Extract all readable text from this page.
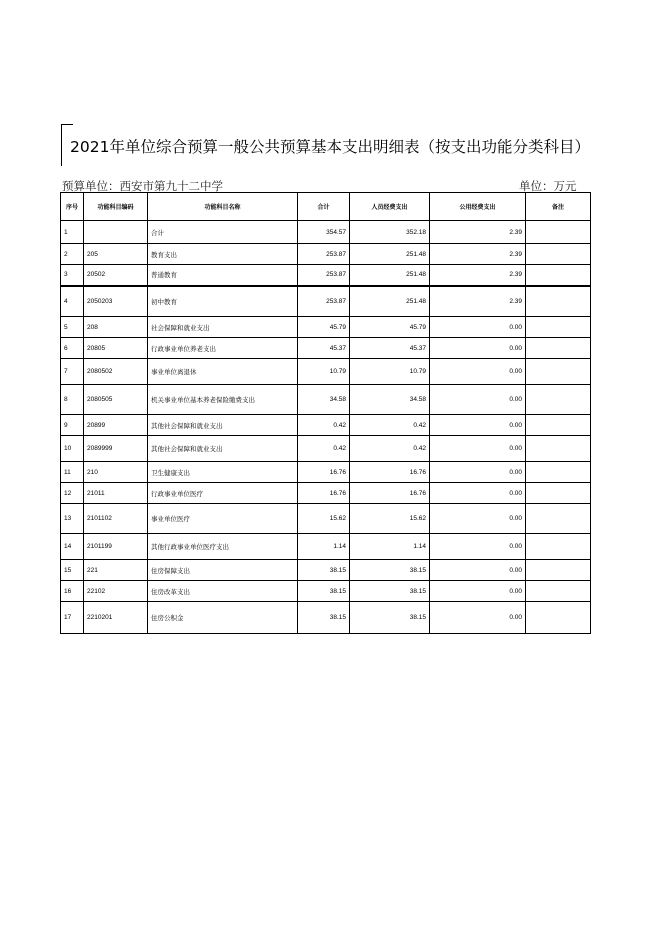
2021年单位综合预算一般公共预算基本支出明细表（按支出功能分类科目）
预算单位：西安市第九十二中学	单位：万元
序号	功能科目编码	功能科目名称	合计	人员经费支出	公用经费支出	备注
1		合计	354.57	352.18	2.39	
2	205	教育支出	253.87	251.48	2.39	
3	20502	普通教育	253.87	251.48	2.39	
4	2050203	初中教育	253.87	251.48	2.39	
5	208	社会保障和就业支出	45.79	45.79	0.00	
6	20805	行政事业单位养老支出	45.37	45.37	0.00	
7	2080502	事业单位离退休	10.79	10.79	0.00	
8	2080505	机关事业单位基本养老保险缴费支出	34.58	34.58	0.00	
9	20899	其他社会保障和就业支出	0.42	0.42	0.00	
10	2089999	其他社会保障和就业支出	0.42	0.42	0.00	
11	210	卫生健康支出	16.76	16.76	0.00	
12	21011	行政事业单位医疗	16.76	16.76	0.00	
13	2101102	事业单位医疗	15.62	15.62	0.00	
14	2101199	其他行政事业单位医疗支出	1.14	1.14	0.00	
15	221	住房保障支出	38.15	38.15	0.00	
16	22102	住房改革支出	38.15	38.15	0.00	
17	2210201	住房公积金	38.15	38.15	0.00	
